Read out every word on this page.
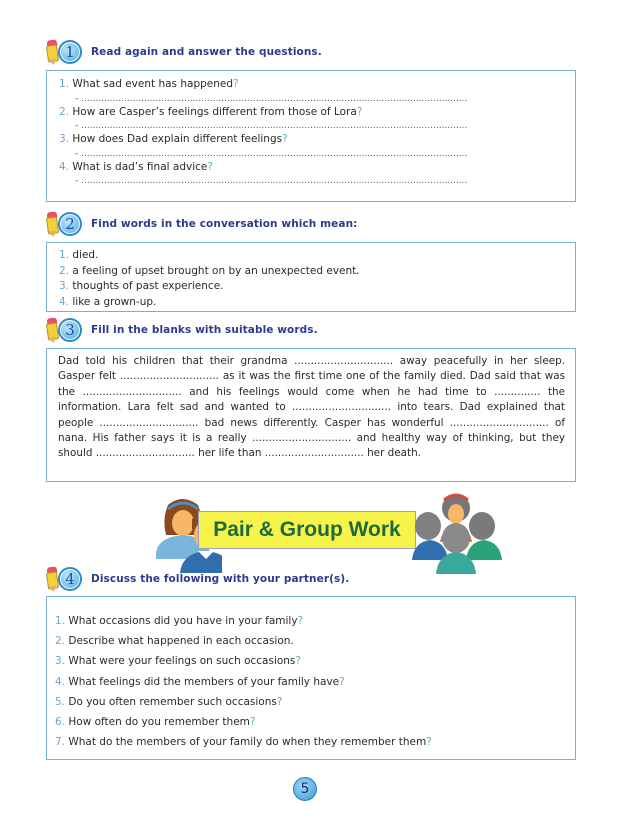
1	Read again and answer the questions.
1. What sad event has happened?
- .......................................................................................................................................
2. How are Casper’s feelings different from those of Lora?
- .......................................................................................................................................
3. How does Dad explain different feelings?
- .......................................................................................................................................
4. What is dad’s final advice?
- .......................................................................................................................................
2	Find words in the conversation which mean:
1. died.
2. a feeling of upset brought on by an unexpected event.
3. thoughts of past experience.
4. like a grown-up.
3	Fill in the blanks with suitable words.
Dad told his children that their grandma .............................. away peacefully in her sleep. Gasper felt .............................. as it was the first time one of the family died. Dad said that was the .............................. and his feelings would come when he had time to .............. the information. Lara felt sad and wanted to .............................. into tears. Dad explained that people .............................. bad news differently. Casper has wonderful .............................. of nana. His father says it is a really .............................. and healthy way of thinking, but they should .............................. her life than .............................. her death.
Pair & Group Work
4	Discuss the following with your partner(s).
1. What occasions did you have in your family?
2. Describe what happened in each occasion.
3. What were your feelings on such occasions?
4. What feelings did the members of your family have?
5. Do you often remember such occasions?
6. How often do you remember them?
7. What do the members of your family do when they remember them?
5
